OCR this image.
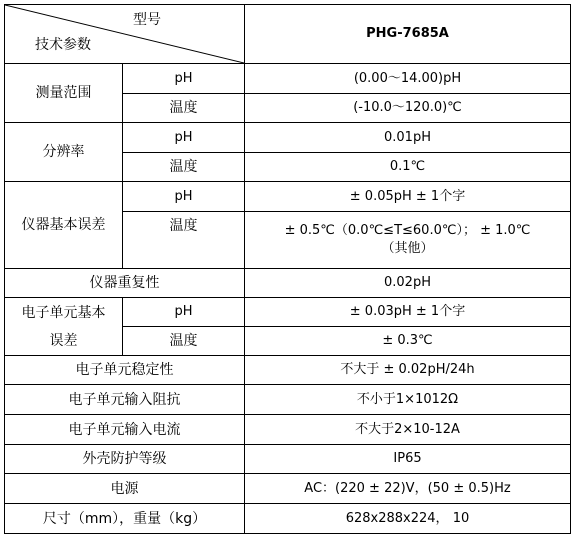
型号
技术参数		PHG-7685A
测量范围	pH	(0.00～14.00)pH
	温度	(-10.0～120.0)℃
分辨率	pH	0.01pH
	温度	0.1℃
仪器基本误差	pH	± 0.05pH ± 1个字
	温度	± 0.5℃（0.0℃≤T≤60.0℃）； ± 1.0℃
（其他）

仪器重复性		0.02pH

电子单元基本
误差	pH	± 0.03pH ± 1个字
	温度	± 0.3℃
电子单元稳定性		不大于 ± 0.02pH/24h
电子单元输入阻抗		不小于1×1012Ω
电子单元输入电流		不大于2×10-12A
外壳防护等级		IP65
电源		AC：(220 ± 22)V，(50 ± 0.5)Hz
尺寸（mm），重量（kg）		628x288x224， 10
